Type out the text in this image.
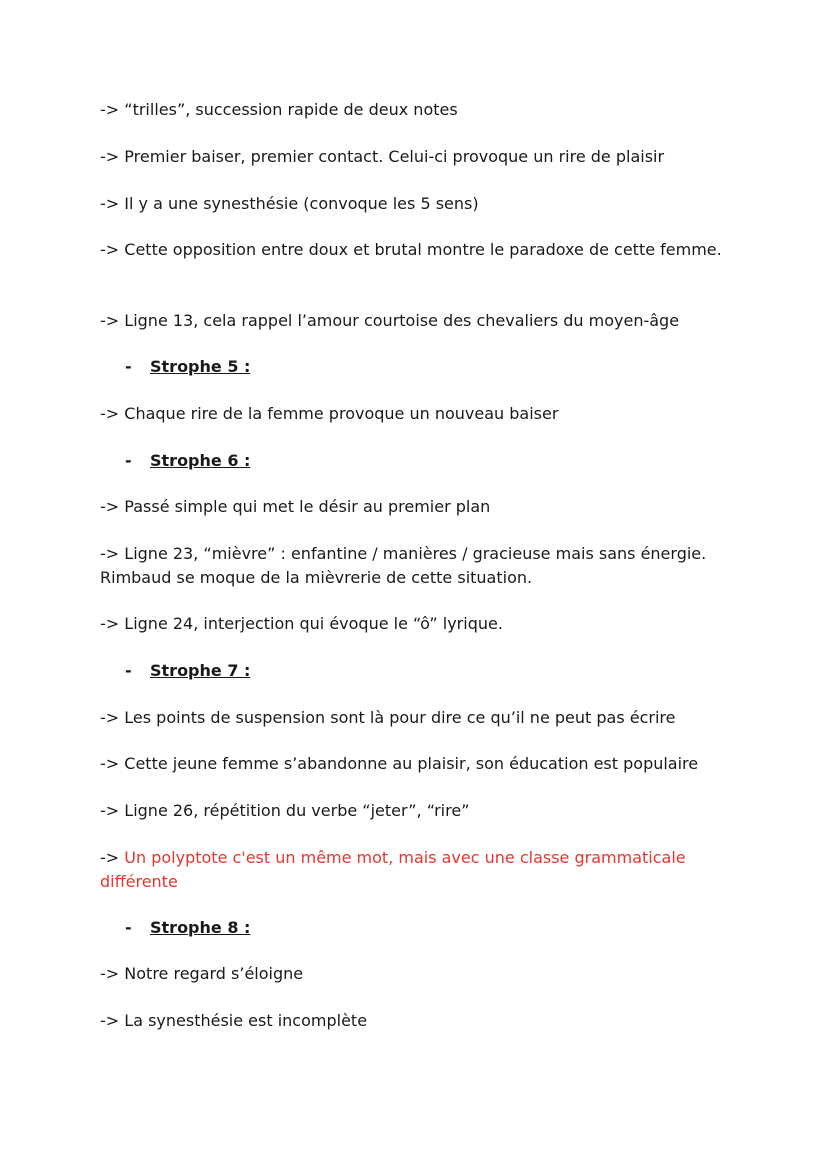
-> “trilles”, succession rapide de deux notes
-> Premier baiser, premier contact. Celui-ci provoque un rire de plaisir
-> Il y a une synesthésie (convoque les 5 sens)
-> Cette opposition entre doux et brutal montre le paradoxe de cette femme.
-> Ligne 13, cela rappel l’amour courtoise des chevaliers du moyen-âge
- Strophe 5 :
-> Chaque rire de la femme provoque un nouveau baiser
- Strophe 6 :
-> Passé simple qui met le désir au premier plan
-> Ligne 23, “mièvre” : enfantine / manières / gracieuse mais sans énergie. Rimbaud se moque de la mièvrerie de cette situation.
-> Ligne 24, interjection qui évoque le “ô” lyrique.
- Strophe 7 :
-> Les points de suspension sont là pour dire ce qu’il ne peut pas écrire
-> Cette jeune femme s’abandonne au plaisir, son éducation est populaire
-> Ligne 26, répétition du verbe “jeter”, “rire”
-> Un polyptote c'est un même mot, mais avec une classe grammaticale différente
- Strophe 8 :
-> Notre regard s’éloigne
-> La synesthésie est incomplète
